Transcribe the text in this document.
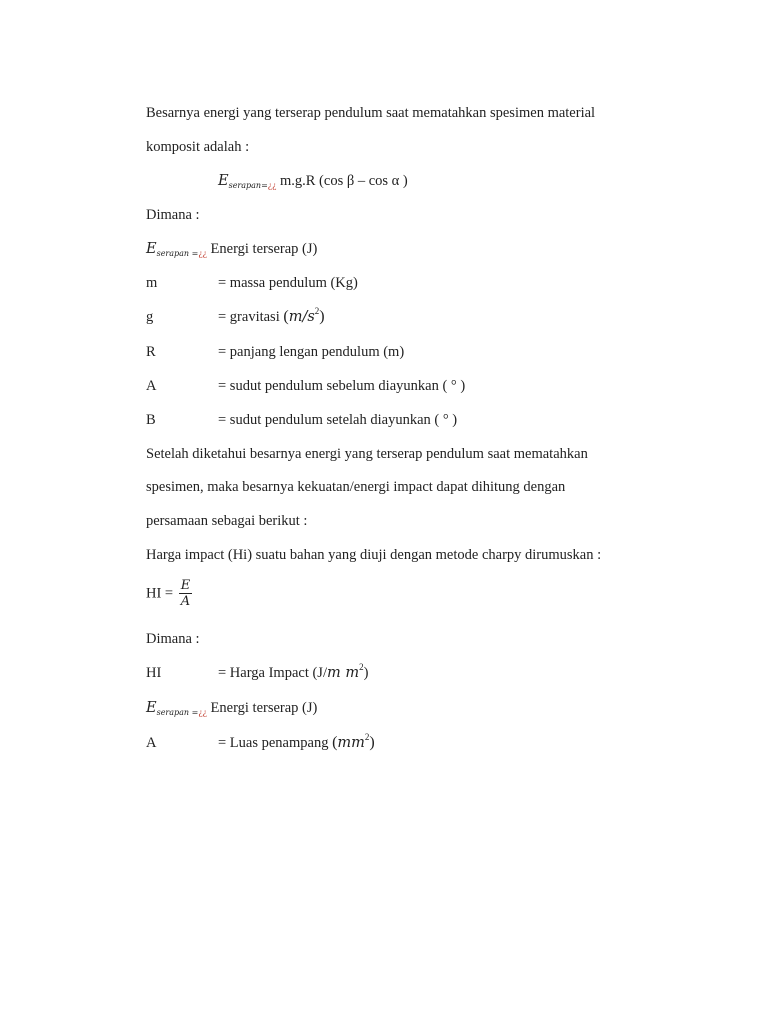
Besarnya energi yang terserap pendulum saat mematahkan spesimen material
komposit adalah :
$E_{serapan=¿¿}$ m.g.R (cos β – cos α )
Dimana :
$E_{serapan =¿¿}$ Energi terserap (J)
m	= massa pendulum (Kg)
g	= gravitasi $(m/s^2)$
R	= panjang lengan pendulum (m)
A	= sudut pendulum sebelum diayunkan ( ° )
B	= sudut pendulum setelah diayunkan ( ° )
Setelah diketahui besarnya energi yang terserap pendulum saat mematahkan
spesimen, maka besarnya kekuatan/energi impact dapat dihitung dengan
persamaan sebagai berikut :
Harga impact (Hi) suatu bahan yang diuji dengan metode charpy dirumuskan :
HI = $\frac{E}{A}$
Dimana :
HI	= Harga Impact (J/m $m^2$)
$E_{serapan =¿¿}$ Energi terserap (J)
A	= Luas penampang $(mm^2)$
